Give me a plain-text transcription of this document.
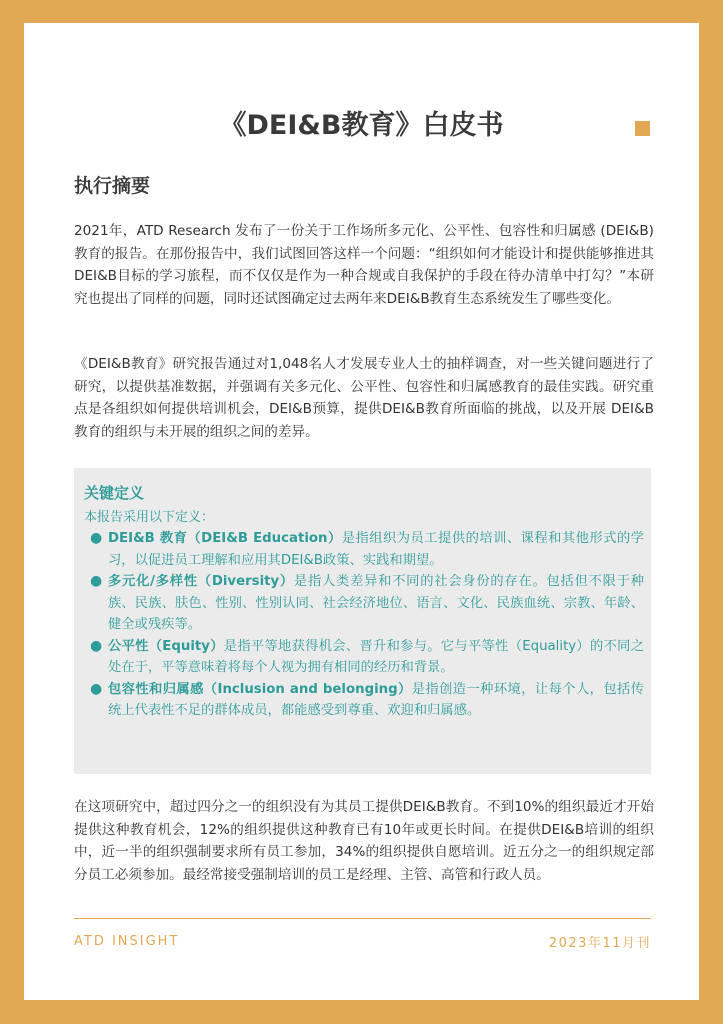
《DEI&B教育》白皮书
执行摘要
2021年，ATD Research 发布了一份关于工作场所多元化、公平性、包容性和归属感 (DEI&B) 教育的报告。在那份报告中，我们试图回答这样一个问题：“组织如何才能设计和提供能够推进其DEI&B目标的学习旅程，而不仅仅是作为一种合规或自我保护的手段在待办清单中打勾？”本研究也提出了同样的问题，同时还试图确定过去两年来DEI&B教育生态系统发生了哪些变化。
《DEI&B教育》研究报告通过对1,048名人才发展专业人士的抽样调查，对一些关键问题进行了研究，以提供基准数据，并强调有关多元化、公平性、包容性和归属感教育的最佳实践。研究重点是各组织如何提供培训机会，DEI&B预算，提供DEI&B教育所面临的挑战，以及开展 DEI&B教育的组织与未开展的组织之间的差异。
关键定义
本报告采用以下定义：
● DEI&B 教育（DEI&B Education）是指组织为员工提供的培训、课程和其他形式的学习，以促进员工理解和应用其DEI&B政策、实践和期望。
● 多元化/多样性（Diversity）是指人类差异和不同的社会身份的存在。包括但不限于种族、民族、肤色、性别、性别认同、社会经济地位、语言、文化、民族血统、宗教、年龄、健全或残疾等。
● 公平性（Equity）是指平等地获得机会、晋升和参与。它与平等性（Equality）的不同之处在于，平等意味着将每个人视为拥有相同的经历和背景。
● 包容性和归属感（Inclusion and belonging）是指创造一种环境，让每个人，包括传统上代表性不足的群体成员，都能感受到尊重、欢迎和归属感。
在这项研究中，超过四分之一的组织没有为其员工提供DEI&B教育。不到10%的组织最近才开始提供这种教育机会，12%的组织提供这种教育已有10年或更长时间。在提供DEI&B培训的组织中，近一半的组织强制要求所有员工参加，34%的组织提供自愿培训。近五分之一的组织规定部分员工必须参加。最经常接受强制培训的员工是经理、主管、高管和行政人员。
ATD INSIGHT	2023年11月刊
